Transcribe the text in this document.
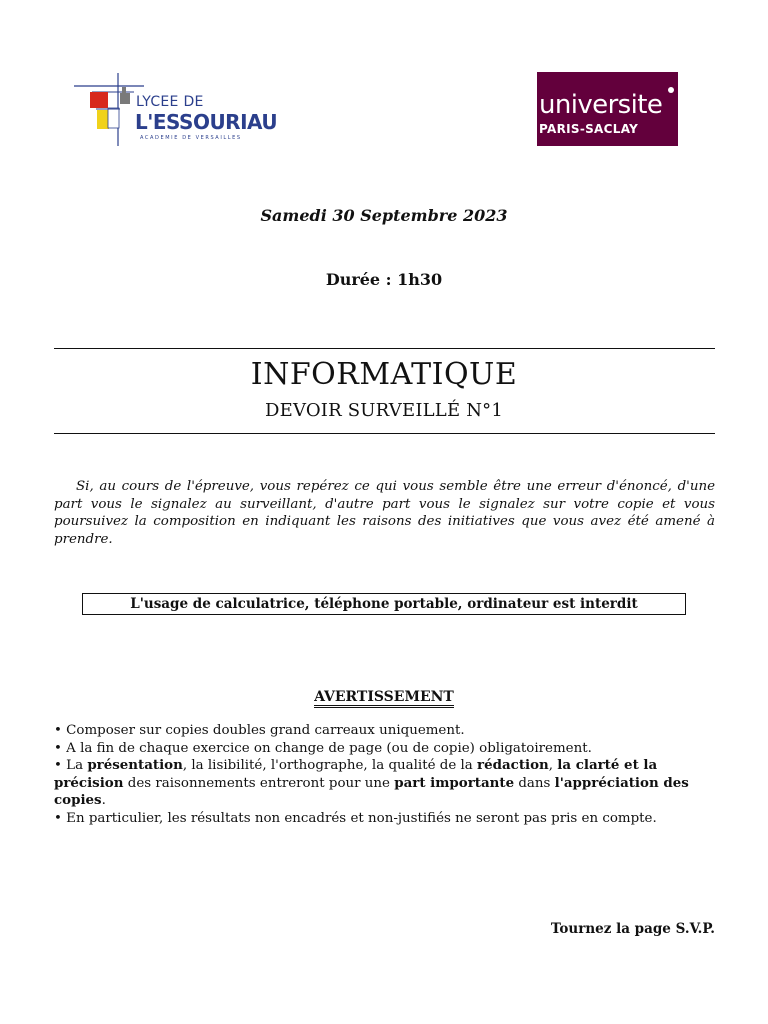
LYCEE DE
L'ESSOURIAU
ACADEMIE DE VERSAILLES
universite
PARIS-SACLAY
Samedi 30 Septembre 2023
Durée : 1h30
INFORMATIQUE
DEVOIR SURVEILLÉ N°1
Si, au cours de l'épreuve, vous repérez ce qui vous semble être une erreur d'énoncé, d'une part vous le signalez au surveillant, d'autre part vous le signalez sur votre copie et vous poursuivez la composition en indiquant les raisons des initiatives que vous avez été amené à prendre.
L'usage de calculatrice, téléphone portable, ordinateur est interdit
AVERTISSEMENT
• Composer sur copies doubles grand carreaux uniquement.
• A la fin de chaque exercice on change de page (ou de copie) obligatoirement.
• La présentation, la lisibilité, l'orthographe, la qualité de la rédaction, la clarté et la précision des raisonnements entreront pour une part importante dans l'appréciation des copies.
• En particulier, les résultats non encadrés et non-justifiés ne seront pas pris en compte.
Tournez la page S.V.P.
